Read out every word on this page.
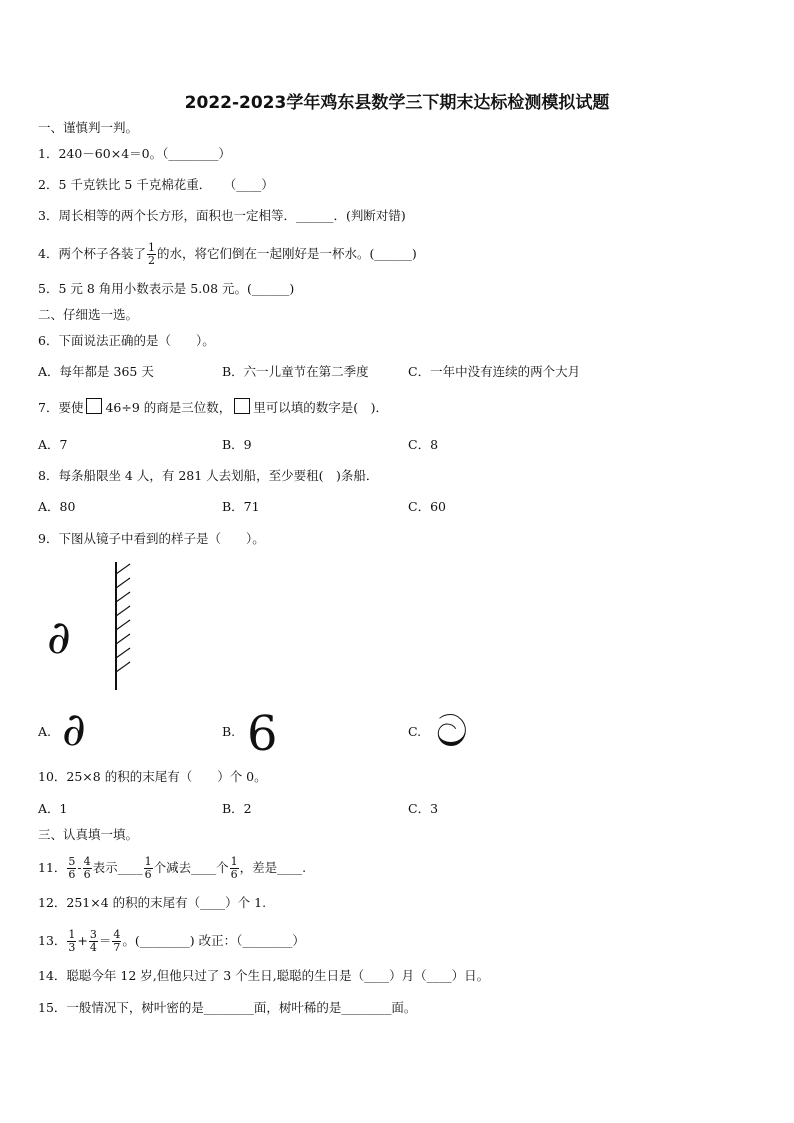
2022-2023学年鸡东县数学三下期末达标检测模拟试题
一、谨慎判一判。
1．240－60×4＝0。（________）
2．5 千克铁比 5 千克棉花重．　　（____）
3．周长相等的两个长方形，面积也一定相等．______．(判断对错)
4．两个杯子各装了 $\frac{1}{2}$ 的水，将它们倒在一起刚好是一杯水。(______)
5．5 元 8 角用小数表示是 5.08 元。(______)
二、仔细选一选。
6．下面说法正确的是（　　）。
A．每年都是 365 天	B．六一儿童节在第二季度	C．一年中没有连续的两个大月
7．要使 46÷9 的商是三位数， 里可以填的数字是(　)．
A．7	B．9	C．8
8．每条船限坐 4 人，有 281 人去划船，至少要租(　)条船．
A．80	B．71	C．60
9．下图从镜子中看到的样子是（　　）。
∂
A. ∂	B. 6	C. ට
10．25×8 的积的末尾有（　　）个 0。
A．1	B．2	C．3
三、认真填一填。
11． $\frac{5}{6} - \frac{4}{6}$ 表示____ $\frac{1}{6}$ 个减去____个 $\frac{1}{6}$ ，差是____.
12．251×4 的积的末尾有（____）个 1.
13． $\frac{1}{3} + \frac{3}{4} = \frac{4}{7}$ 。(________) 改正：（________）
14．聪聪今年 12 岁,但他只过了 3 个生日,聪聪的生日是（____）月（____）日。
15．一般情况下，树叶密的是________面，树叶稀的是________面。
